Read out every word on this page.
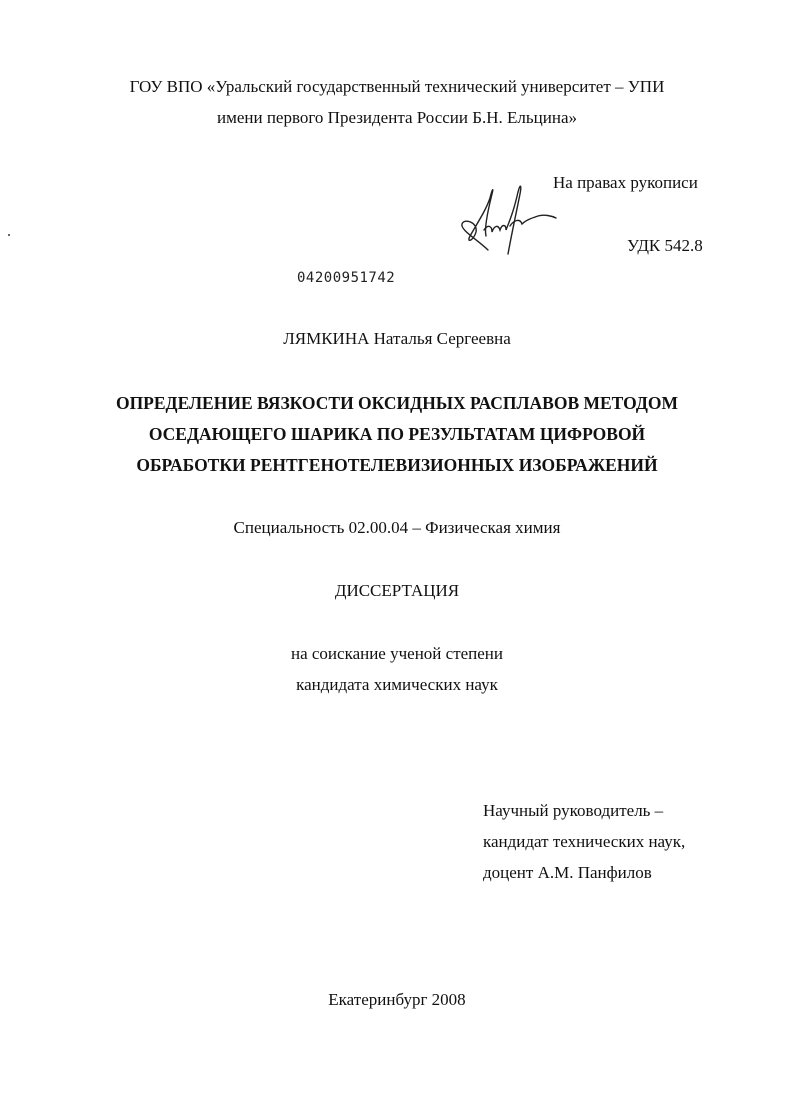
ГОУ ВПО «Уральский государственный технический университет – УПИ
имени первого Президента России Б.Н. Ельцина»
На правах рукописи
УДК 542.8
04200951742
ЛЯМКИНА Наталья Сергеевна
ОПРЕДЕЛЕНИЕ ВЯЗКОСТИ ОКСИДНЫХ РАСПЛАВОВ МЕТОДОМ
ОСЕДАЮЩЕГО ШАРИКА ПО РЕЗУЛЬТАТАМ ЦИФРОВОЙ
ОБРАБОТКИ РЕНТГЕНОТЕЛЕВИЗИОННЫХ ИЗОБРАЖЕНИЙ
Специальность 02.00.04 – Физическая химия
ДИССЕРТАЦИЯ
на соискание ученой степени
кандидата химических наук
Научный руководитель –
кандидат технических наук,
доцент А.М. Панфилов
Екатеринбург 2008
